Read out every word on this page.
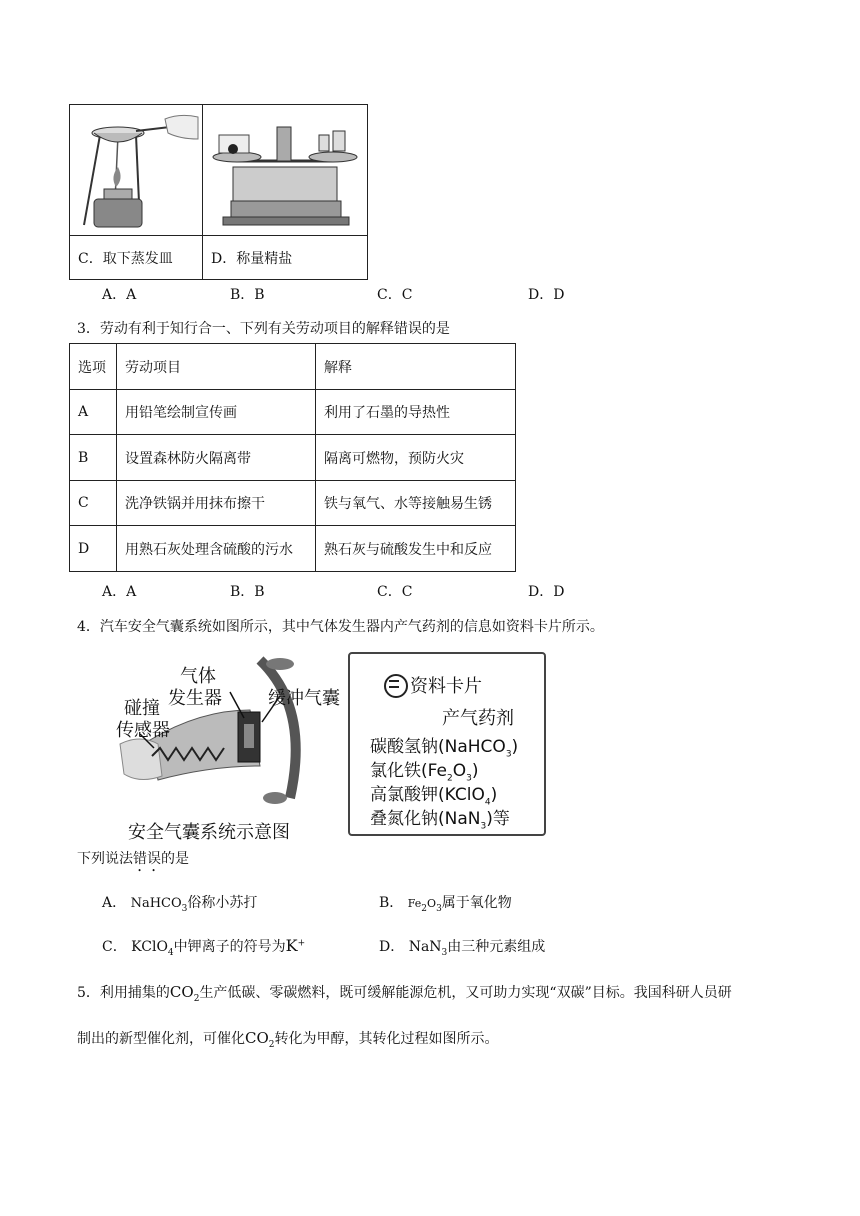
C．取下蒸发皿	D．称量精盐
A．A	B．B	C．C	D．D
3．劳动有利于知行合一、下列有关劳动项目的解释错误的是
选项	劳动项目	解释
A	用铅笔绘制宣传画	利用了石墨的导热性
B	设置森林防火隔离带	隔离可燃物，预防火灾
C	洗净铁锅并用抹布擦干	铁与氧气、水等接触易生锈
D	用熟石灰处理含硫酸的污水	熟石灰与硫酸发生中和反应
A．A	B．B	C．C	D．D
4．汽车安全气囊系统如图所示，其中气体发生器内产气药剂的信息如资料卡片所示。
气体
发生器	缓冲气囊
碰撞
传感器
安全气囊系统示意图
资料卡片
产气药剂
碳酸氢钠(NaHCO$_3$)
氯化铁$(Fe_2O_3)$
高氯酸钾(KClO$_4$)
叠氮化钠(NaN$_3$)等
下列说法错误的是
A． NaHCO$_3$俗称小苏打	B． $Fe_2O_3$属于氧化物
C． KClO$_4$中钾离子的符号为K+	D． NaN$_3$由三种元素组成
5．利用捕集的$CO_2$生产低碳、零碳燃料，既可缓解能源危机，又可助力实现“双碳”目标。我国科研人员研
制出的新型催化剂，可催化$CO_2$转化为甲醇，其转化过程如图所示。
